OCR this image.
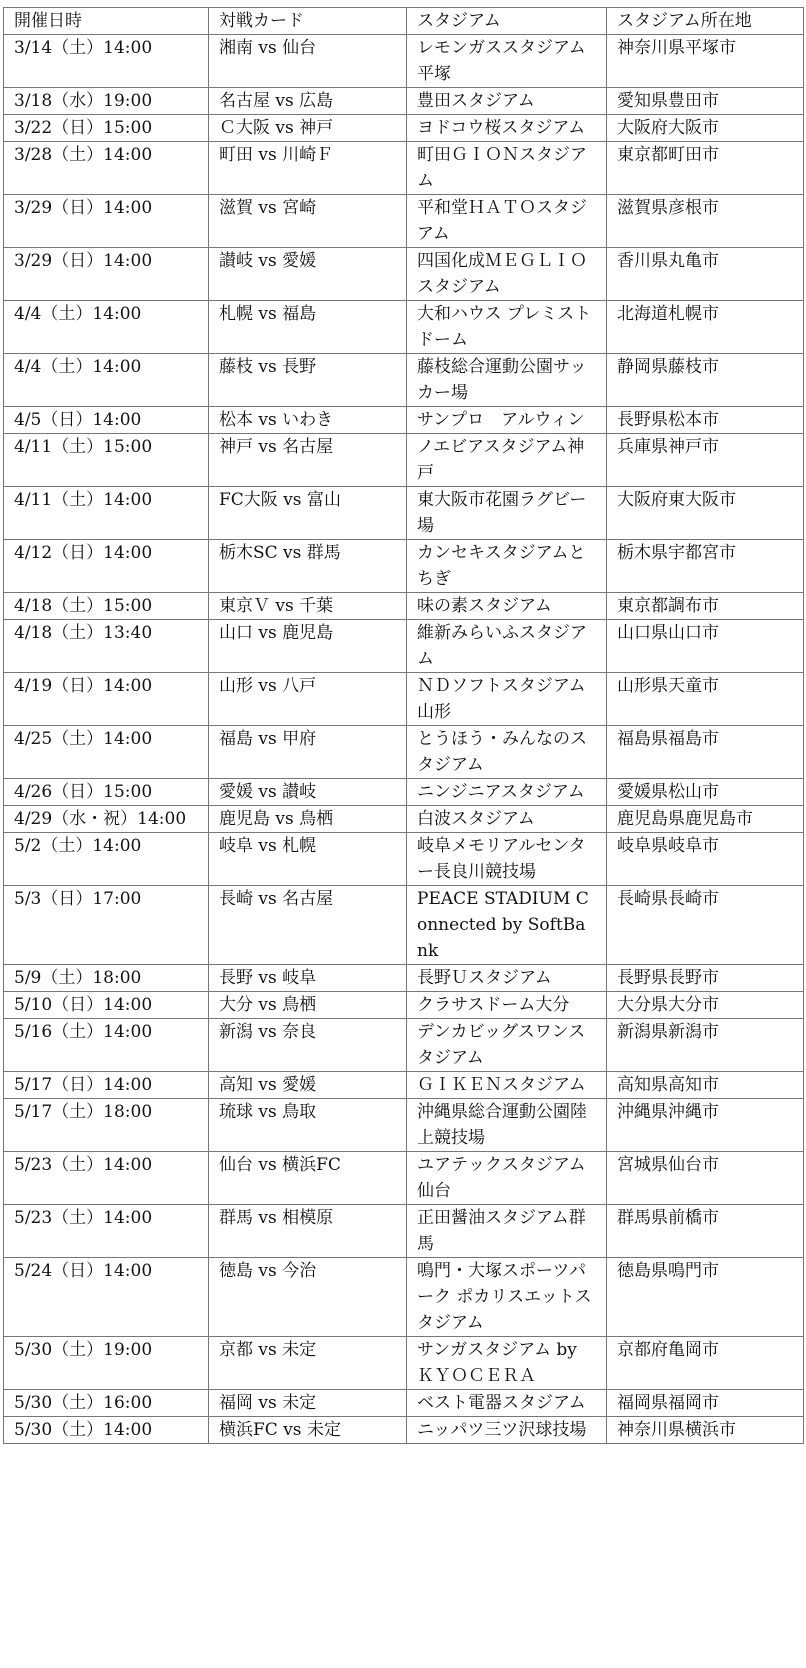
開催日時	対戦カード	スタジアム	スタジアム所在地
3/14（土）14:00	湘南 vs 仙台	レモンガススタジアム平塚	神奈川県平塚市
3/18（水）19:00	名古屋 vs 広島	豊田スタジアム	愛知県豊田市
3/22（日）15:00	Ｃ大阪 vs 神戸	ヨドコウ桜スタジアム	大阪府大阪市
3/28（土）14:00	町田 vs 川崎Ｆ	町田ＧＩＯＮスタジアム	東京都町田市
3/29（日）14:00	滋賀 vs 宮崎	平和堂ＨＡＴＯスタジアム	滋賀県彦根市
3/29（日）14:00	讃岐 vs 愛媛	四国化成ＭＥＧＬＩＯスタジアム	香川県丸亀市
4/4（土）14:00	札幌 vs 福島	大和ハウス プレミストドーム	北海道札幌市
4/4（土）14:00	藤枝 vs 長野	藤枝総合運動公園サッカー場	静岡県藤枝市
4/5（日）14:00	松本 vs いわき	サンプロ　アルウィン	長野県松本市
4/11（土）15:00	神戸 vs 名古屋	ノエビアスタジアム神戸	兵庫県神戸市
4/11（土）14:00	FC大阪 vs 富山	東大阪市花園ラグビー場	大阪府東大阪市
4/12（日）14:00	栃木SC vs 群馬	カンセキスタジアムとちぎ	栃木県宇都宮市
4/18（土）15:00	東京Ｖ vs 千葉	味の素スタジアム	東京都調布市
4/18（土）13:40	山口 vs 鹿児島	維新みらいふスタジアム	山口県山口市
4/19（日）14:00	山形 vs 八戸	ＮＤソフトスタジアム山形	山形県天童市
4/25（土）14:00	福島 vs 甲府	とうほう・みんなのスタジアム	福島県福島市
4/26（日）15:00	愛媛 vs 讃岐	ニンジニアスタジアム	愛媛県松山市
4/29（水・祝）14:00	鹿児島 vs 鳥栖	白波スタジアム	鹿児島県鹿児島市
5/2（土）14:00	岐阜 vs 札幌	岐阜メモリアルセンター長良川競技場	岐阜県岐阜市
5/3（日）17:00	長崎 vs 名古屋	PEACE STADIUM Connected by SoftBank	長崎県長崎市
5/9（土）18:00	長野 vs 岐阜	長野Ｕスタジアム	長野県長野市
5/10（日）14:00	大分 vs 鳥栖	クラサスドーム大分	大分県大分市
5/16（土）14:00	新潟 vs 奈良	デンカビッグスワンスタジアム	新潟県新潟市
5/17（日）14:00	高知 vs 愛媛	ＧＩＫＥＮスタジアム	高知県高知市
5/17（土）18:00	琉球 vs 鳥取	沖縄県総合運動公園陸上競技場	沖縄県沖縄市
5/23（土）14:00	仙台 vs 横浜FC	ユアテックスタジアム仙台	宮城県仙台市
5/23（土）14:00	群馬 vs 相模原	正田醤油スタジアム群馬	群馬県前橋市
5/24（日）14:00	徳島 vs 今治	鳴門・大塚スポーツパーク ポカリスエットスタジアム	徳島県鳴門市
5/30（土）19:00	京都 vs 未定	サンガスタジアム by ＫＹＯＣＥＲＡ	京都府亀岡市
5/30（土）16:00	福岡 vs 未定	ベスト電器スタジアム	福岡県福岡市
5/30（土）14:00	横浜FC vs 未定	ニッパツ三ツ沢球技場	神奈川県横浜市
